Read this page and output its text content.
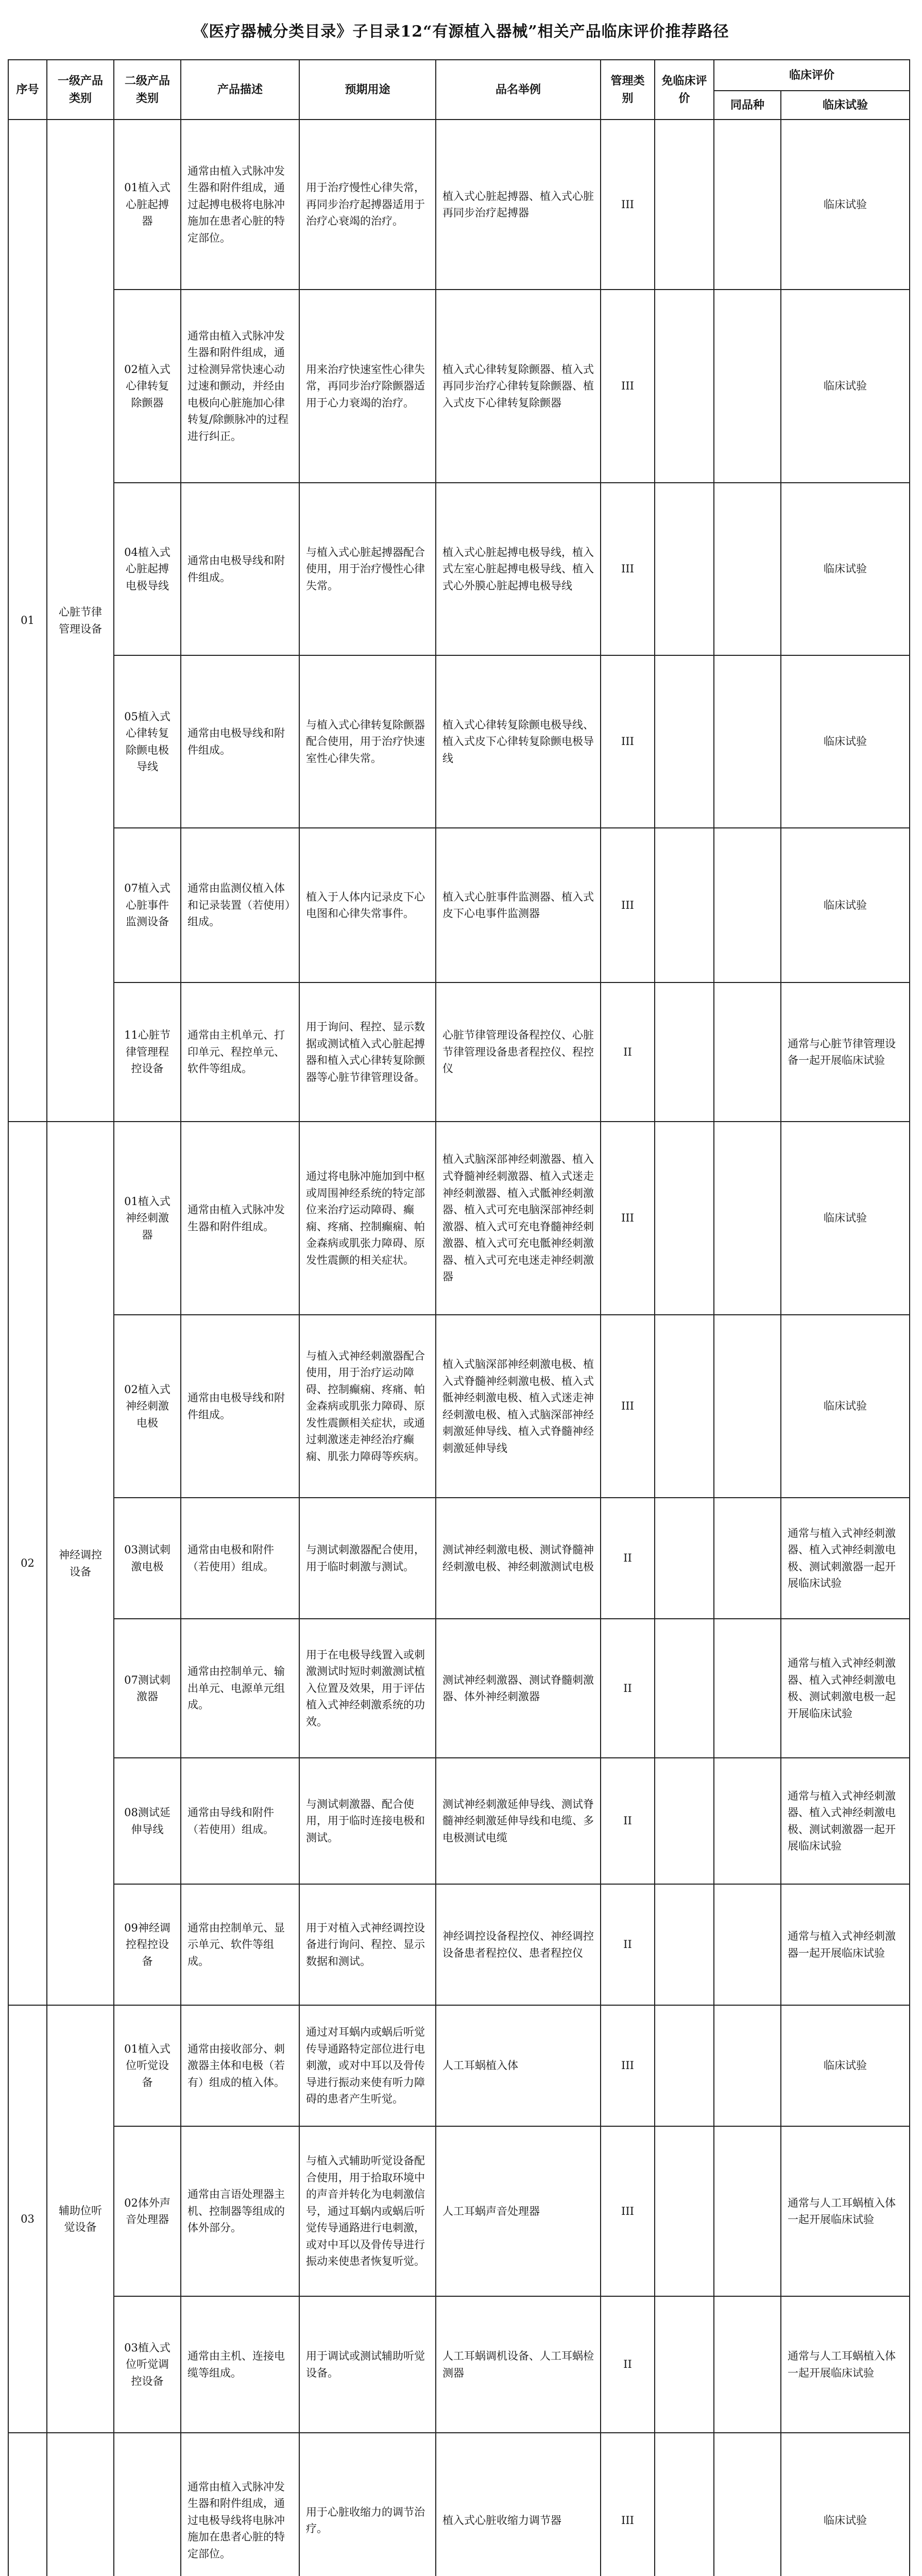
《医疗器械分类目录》子目录12“有源植入器械”相关产品临床评价推荐路径
序号	一级产品类别	二级产品类别	产品描述	预期用途	品名举例	管理类别	免临床评价	临床评价	
								同品种	临床试验
01	心脏节律管理设备	01植入式心脏起搏器	通常由植入式脉冲发生器和附件组成，通过起搏电极将电脉冲施加在患者心脏的特定部位。	用于治疗慢性心律失常，再同步治疗起搏器适用于治疗心衰竭的治疗。	植入式心脏起搏器、植入式心脏再同步治疗起搏器	III			临床试验
		02植入式心律转复除颤器	通常由植入式脉冲发生器和附件组成，通过检测异常快速心动过速和颤动，并经由电极向心脏施加心律转复/除颤脉冲的过程进行纠正。	用来治疗快速室性心律失常，再同步治疗除颤器适用于心力衰竭的治疗。	植入式心律转复除颤器、植入式再同步治疗心律转复除颤器、植入式皮下心律转复除颤器	III			临床试验
		04植入式心脏起搏电极导线	通常由电极导线和附件组成。	与植入式心脏起搏器配合使用，用于治疗慢性心律失常。	植入式心脏起搏电极导线，植入式左室心脏起搏电极导线、植入式心外膜心脏起搏电极导线	III			临床试验
		05植入式心律转复除颤电极导线	通常由电极导线和附件组成。	与植入式心律转复除颤器配合使用，用于治疗快速室性心律失常。	植入式心律转复除颤电极导线、植入式皮下心律转复除颤电极导线	III			临床试验
		07植入式心脏事件监测设备	通常由监测仪植入体和记录装置（若使用）组成。	植入于人体内记录皮下心电图和心律失常事件。	植入式心脏事件监测器、植入式皮下心电事件监测器	III			临床试验
		11心脏节律管理程控设备	通常由主机单元、打印单元、程控单元、软件等组成。	用于询问、程控、显示数据或测试植入式心脏起搏器和植入式心律转复除颤器等心脏节律管理设备。	心脏节律管理设备程控仪、心脏节律管理设备患者程控仪、程控仪	II			通常与心脏节律管理设备一起开展临床试验
02	神经调控设备	01植入式神经刺激器	通常由植入式脉冲发生器和附件组成。	通过将电脉冲施加到中枢或周围神经系统的特定部位来治疗运动障碍、癫痫、疼痛、控制癫痫、帕金森病或肌张力障碍、原发性震颤的相关症状。	植入式脑深部神经刺激器、植入式脊髓神经刺激器、植入式迷走神经刺激器、植入式骶神经刺激器、植入式可充电脑深部神经刺激器、植入式可充电脊髓神经刺激器、植入式可充电骶神经刺激器、植入式可充电迷走神经刺激器	III			临床试验
		02植入式神经刺激电极	通常由电极导线和附件组成。	与植入式神经刺激器配合使用，用于治疗运动障碍、控制癫痫、疼痛、帕金森病或肌张力障碍、原发性震颤相关症状，或通过刺激迷走神经治疗癫痫、肌张力障碍等疾病。	植入式脑深部神经刺激电极、植入式脊髓神经刺激电极、植入式骶神经刺激电极、植入式迷走神经刺激电极、植入式脑深部神经刺激延伸导线、植入式脊髓神经刺激延伸导线	III			临床试验
		03测试刺激电极	通常由电极和附件（若使用）组成。	与测试刺激器配合使用，用于临时刺激与测试。	测试神经刺激电极、测试脊髓神经刺激电极、神经刺激测试电极	II			通常与植入式神经刺激器、植入式神经刺激电极、测试刺激器一起开展临床试验
		07测试刺激器	通常由控制单元、输出单元、电源单元组成。	用于在电极导线置入或刺激测试时短时刺激测试植入位置及效果，用于评估植入式神经刺激系统的功效。	测试神经刺激器、测试脊髓刺激器、体外神经刺激器	II			通常与植入式神经刺激器、植入式神经刺激电极、测试刺激电极一起开展临床试验
		08测试延伸导线	通常由导线和附件（若使用）组成。	与测试刺激器、配合使用，用于临时连接电极和测试。	测试神经刺激延伸导线、测试脊髓神经刺激延伸导线和电缆、多电极测试电缆	II			通常与植入式神经刺激器、植入式神经刺激电极、测试刺激器一起开展临床试验
		09神经调控程控设备	通常由控制单元、显示单元、软件等组成。	用于对植入式神经调控设备进行询问、程控、显示数据和测试。	神经调控设备程控仪、神经调控设备患者程控仪、患者程控仪	II			通常与植入式神经刺激器一起开展临床试验
03	辅助位听觉设备	01植入式位听觉设备	通常由接收部分、刺激器主体和电极（若有）组成的植入体。	通过对耳蜗内或蜗后听觉传导通路特定部位进行电刺激，或对中耳以及骨传导进行振动来使有听力障碍的患者产生听觉。	人工耳蜗植入体	III			临床试验
		02体外声音处理器	通常由言语处理器主机、控制器等组成的体外部分。	与植入式辅助听觉设备配合使用，用于拾取环境中的声音并转化为电刺激信号，通过耳蜗内或蜗后听觉传导通路进行电刺激，或对中耳以及骨传导进行振动来使患者恢复听觉。	人工耳蜗声音处理器	III			通常与人工耳蜗植入体一起开展临床试验
		03植入式位听觉调控设备	通常由主机、连接电缆等组成。	用于调试或测试辅助听觉设备。	人工耳蜗调机设备、人工耳蜗检测器	II			通常与人工耳蜗植入体一起开展临床试验
			通常由植入式脉冲发生器和附件组成，通过电极导线将电脉冲施加在患者心脏的特定部位。	用于心脏收缩力的调节治疗。	植入式心脏收缩力调节器	III			临床试验
